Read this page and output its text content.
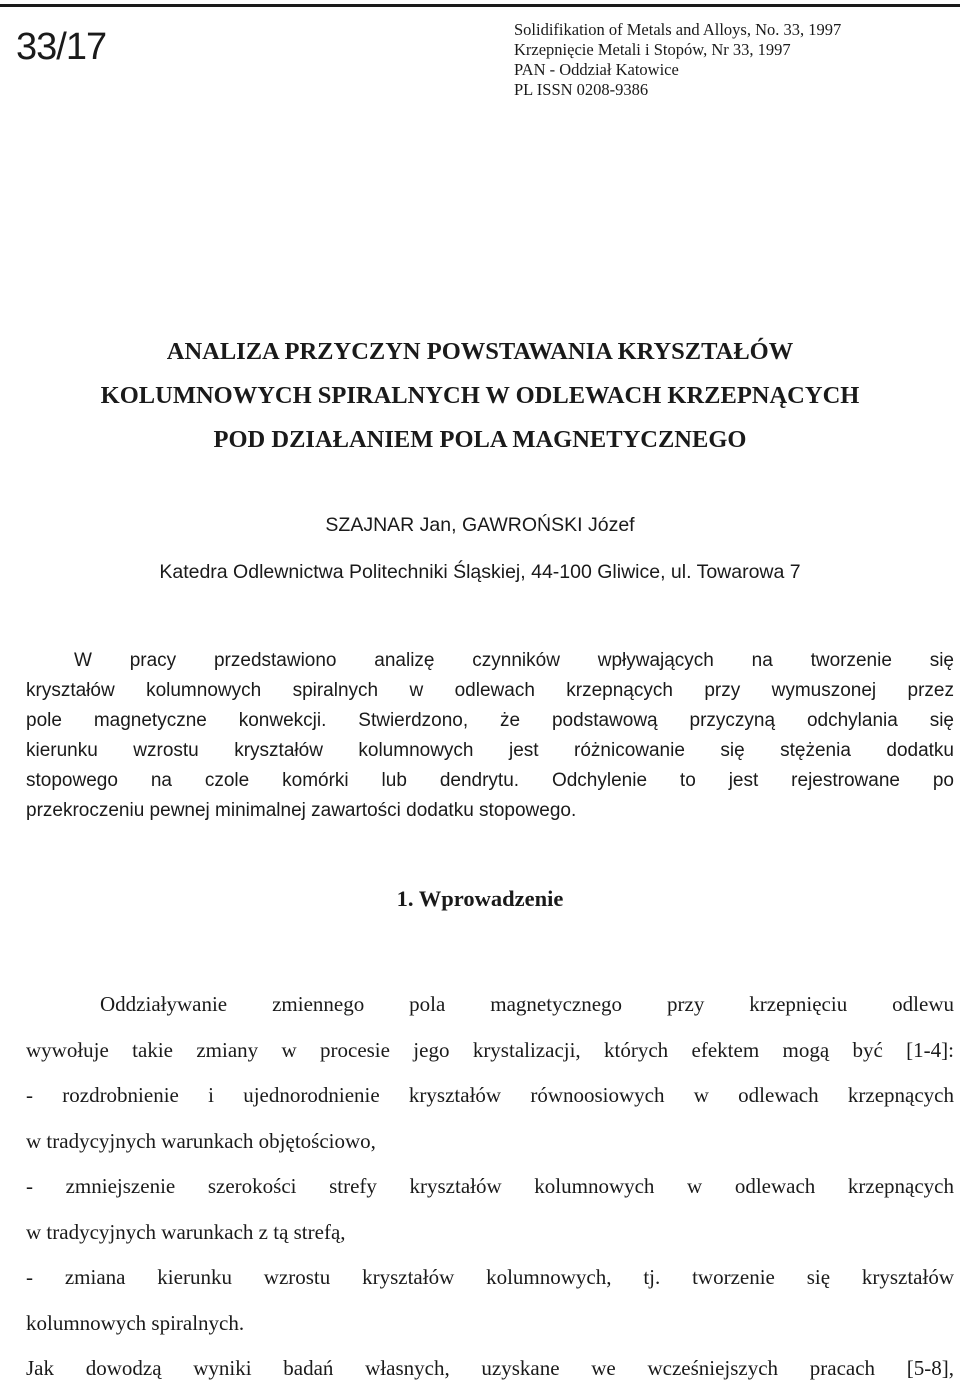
33/17	Solidifikation of Metals and Alloys, No. 33, 1997
Krzepnięcie Metali i Stopów, Nr 33, 1997
PAN - Oddział Katowice
PL ISSN 0208-9386
ANALIZA PRZYCZYN POWSTAWANIA KRYSZTAŁÓW
KOLUMNOWYCH SPIRALNYCH W ODLEWACH KRZEPNĄCYCH
POD DZIAŁANIEM POLA MAGNETYCZNEGO
SZAJNAR Jan, GAWROŃSKI Józef
Katedra Odlewnictwa Politechniki Śląskiej, 44-100 Gliwice, ul. Towarowa 7
W pracy przedstawiono analizę czynników wpływających na tworzenie się
kryształów kolumnowych spiralnych w odlewach krzepnących przy wymuszonej przez
pole magnetyczne konwekcji. Stwierdzono, że podstawową przyczyną odchylania się
kierunku wzrostu kryształów kolumnowych jest różnicowanie się stężenia dodatku
stopowego na czole komórki lub dendrytu. Odchylenie to jest rejestrowane po
przekroczeniu pewnej minimalnej zawartości dodatku stopowego.
1. Wprowadzenie
Oddziaływanie zmiennego pola magnetycznego przy krzepnięciu odlewu
wywołuje takie zmiany w procesie jego krystalizacji, których efektem mogą być [1-4]:
- rozdrobnienie i ujednorodnienie kryształów równoosiowych w odlewach krzepnących
w tradycyjnych warunkach objętościowo,
- zmniejszenie szerokości strefy kryształów kolumnowych w odlewach krzepnących
w tradycyjnych warunkach z tą strefą,
- zmiana kierunku wzrostu kryształów kolumnowych, tj. tworzenie się kryształów
kolumnowych spiralnych.
Jak dowodzą wyniki badań własnych, uzyskane we wcześniejszych pracach [5-8],
